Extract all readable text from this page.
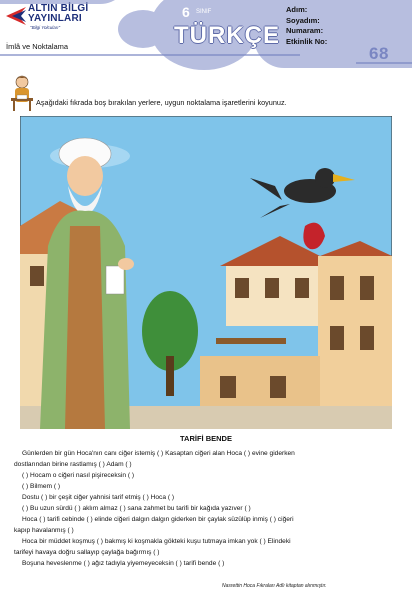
ALTIN BİLGİ YAYINLARI
"Bilgi Yolcuları"
6 SINIF
TÜRKÇE
Adım:
Soyadım:
Numaram:
Etkinlik No:
68
İmlâ ve Noktalama
Aşağıdaki fıkrada boş bırakılan yerlere, uygun noktalama işaretlerini koyunuz.
TARİFİ BENDE
Günlerden bir gün Hoca'nın canı ciğer istemiş ( ) Kasaptan ciğeri alan Hoca ( ) evine giderken
dostlarından birine rastlamış ( ) Adam ( )
( ) Hocam o ciğeri nasıl pişireceksin ( )
( ) Bilmem ( )
Dostu ( ) bir çeşit ciğer yahnisi tarif etmiş ( ) Hoca ( )
( ) Bu uzun sürdü ( ) aklım almaz ( ) sana zahmet bu tarifi bir kağıda yazıver ( )
Hoca ( ) tarifi cebinde ( ) elinde ciğeri dalgın dalgın giderken bir çaylak süzülüp inmiş ( ) ciğeri
kapıp havalanmış ( )
Hoca bir müddet koşmuş ( ) bakmış ki koşmakla gökteki kuşu tutmaya imkan yok ( ) Elindeki
tarifeyi havaya doğru sallayıp çaylağa bağırmış ( )
Boşuna heveslenme ( ) ağız tadıyla yiyemeyeceksin ( ) tarifi bende ( )
Nasrettin Hoca Fıkraları Adlı kitaptan alınmıştır.
